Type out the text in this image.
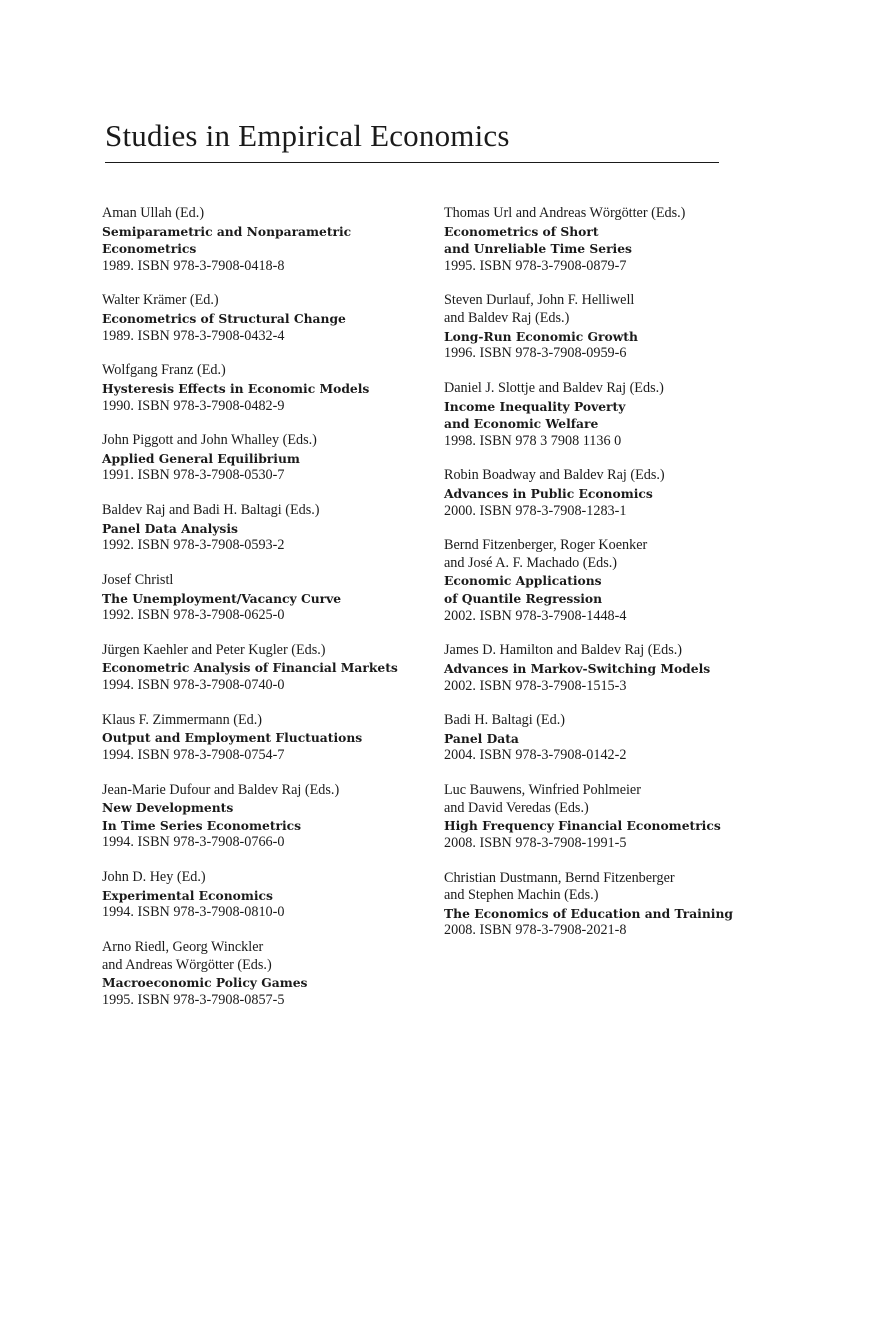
Studies in Empirical Economics
Aman Ullah (Ed.)
Semiparametric and Nonparametric
Econometrics
1989. ISBN 978-3-7908-0418-8
Walter Krämer (Ed.)
Econometrics of Structural Change
1989. ISBN 978-3-7908-0432-4
Wolfgang Franz (Ed.)
Hysteresis Effects in Economic Models
1990. ISBN 978-3-7908-0482-9
John Piggott and John Whalley (Eds.)
Applied General Equilibrium
1991. ISBN 978-3-7908-0530-7
Baldev Raj and Badi H. Baltagi (Eds.)
Panel Data Analysis
1992. ISBN 978-3-7908-0593-2
Josef Christl
The Unemployment/Vacancy Curve
1992. ISBN 978-3-7908-0625-0
Jürgen Kaehler and Peter Kugler (Eds.)
Econometric Analysis of Financial Markets
1994. ISBN 978-3-7908-0740-0
Klaus F. Zimmermann (Ed.)
Output and Employment Fluctuations
1994. ISBN 978-3-7908-0754-7
Jean-Marie Dufour and Baldev Raj (Eds.)
New Developments
In Time Series Econometrics
1994. ISBN 978-3-7908-0766-0
John D. Hey (Ed.)
Experimental Economics
1994. ISBN 978-3-7908-0810-0
Arno Riedl, Georg Winckler
and Andreas Wörgötter (Eds.)
Macroeconomic Policy Games
1995. ISBN 978-3-7908-0857-5
Thomas Url and Andreas Wörgötter (Eds.)
Econometrics of Short
and Unreliable Time Series
1995. ISBN 978-3-7908-0879-7
Steven Durlauf, John F. Helliwell
and Baldev Raj (Eds.)
Long-Run Economic Growth
1996. ISBN 978-3-7908-0959-6
Daniel J. Slottje and Baldev Raj (Eds.)
Income Inequality Poverty
and Economic Welfare
1998. ISBN 978 3 7908 1136 0
Robin Boadway and Baldev Raj (Eds.)
Advances in Public Economics
2000. ISBN 978-3-7908-1283-1
Bernd Fitzenberger, Roger Koenker
and José A. F. Machado (Eds.)
Economic Applications
of Quantile Regression
2002. ISBN 978-3-7908-1448-4
James D. Hamilton and Baldev Raj (Eds.)
Advances in Markov-Switching Models
2002. ISBN 978-3-7908-1515-3
Badi H. Baltagi (Ed.)
Panel Data
2004. ISBN 978-3-7908-0142-2
Luc Bauwens, Winfried Pohlmeier
and David Veredas (Eds.)
High Frequency Financial Econometrics
2008. ISBN 978-3-7908-1991-5
Christian Dustmann, Bernd Fitzenberger
and Stephen Machin (Eds.)
The Economics of Education and Training
2008. ISBN 978-3-7908-2021-8
